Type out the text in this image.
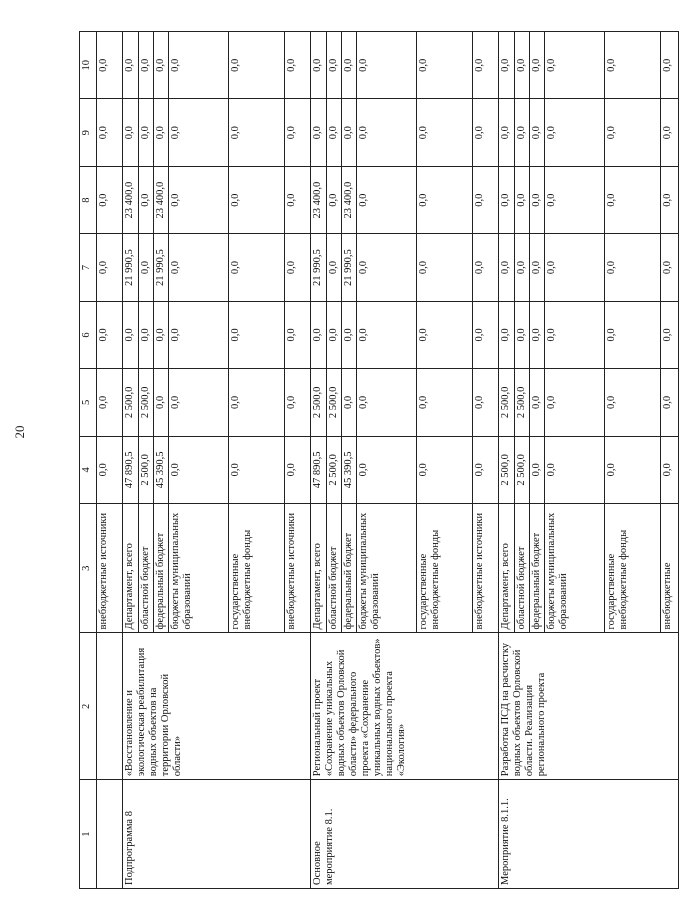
20
1	2	3	4	5	6	7	8	9	10
		внебюджетные источники	0,0	0,0	0,0	0,0	0,0	0,0	0,0
Подпрограмма 8	«Восстановление и экологическая реабилитация водных объектов на территории Орловской области»	Департамент, всего	47 890,5	2 500,0	0,0	21 990,5	23 400,0	0,0	0,0
		областной бюджет	2 500,0	2 500,0	0,0	0,0	0,0	0,0	0,0
		федеральный бюджет	45 390,5	0,0	0,0	21 990,5	23 400,0	0,0	0,0
		бюджеты муниципальных образований	0,0	0,0	0,0	0,0	0,0	0,0	0,0
		государственные внебюджетные фонды	0,0	0,0	0,0	0,0	0,0	0,0	0,0
		внебюджетные источники	0,0	0,0	0,0	0,0	0,0	0,0	0,0
Основное мероприятие 8.1.	Региональный проект «Сохранение уникальных водных объектов Орловской области» федерального проекта «Сохранение уникальных водных объектов» национального проекта «Экология»	Департамент, всего	47 890,5	2 500,0	0,0	21 990,5	23 400,0	0,0	0,0
		областной бюджет	2 500,0	2 500,0	0,0	0,0	0,0	0,0	0,0
		федеральный бюджет	45 390,5	0,0	0,0	21 990,5	23 400,0	0,0	0,0
		бюджеты муниципальных образований	0,0	0,0	0,0	0,0	0,0	0,0	0,0
		государственные внебюджетные фонды	0,0	0,0	0,0	0,0	0,0	0,0	0,0
		внебюджетные источники	0,0	0,0	0,0	0,0	0,0	0,0	0,0
Мероприятие 8.1.1.	Разработка ПСД на расчистку водных объектов Орловской области. Реализация регионального проекта	Департамент, всего	2 500,0	2 500,0	0,0	0,0	0,0	0,0	0,0
		областной бюджет	2 500,0	2 500,0	0,0	0,0	0,0	0,0	0,0
		федеральный бюджет	0,0	0,0	0,0	0,0	0,0	0,0	0,0
		бюджеты муниципальных образований	0,0	0,0	0,0	0,0	0,0	0,0	0,0
		государственные внебюджетные фонды	0,0	0,0	0,0	0,0	0,0	0,0	0,0
		внебюджетные	0,0	0,0	0,0	0,0	0,0	0,0	0,0
